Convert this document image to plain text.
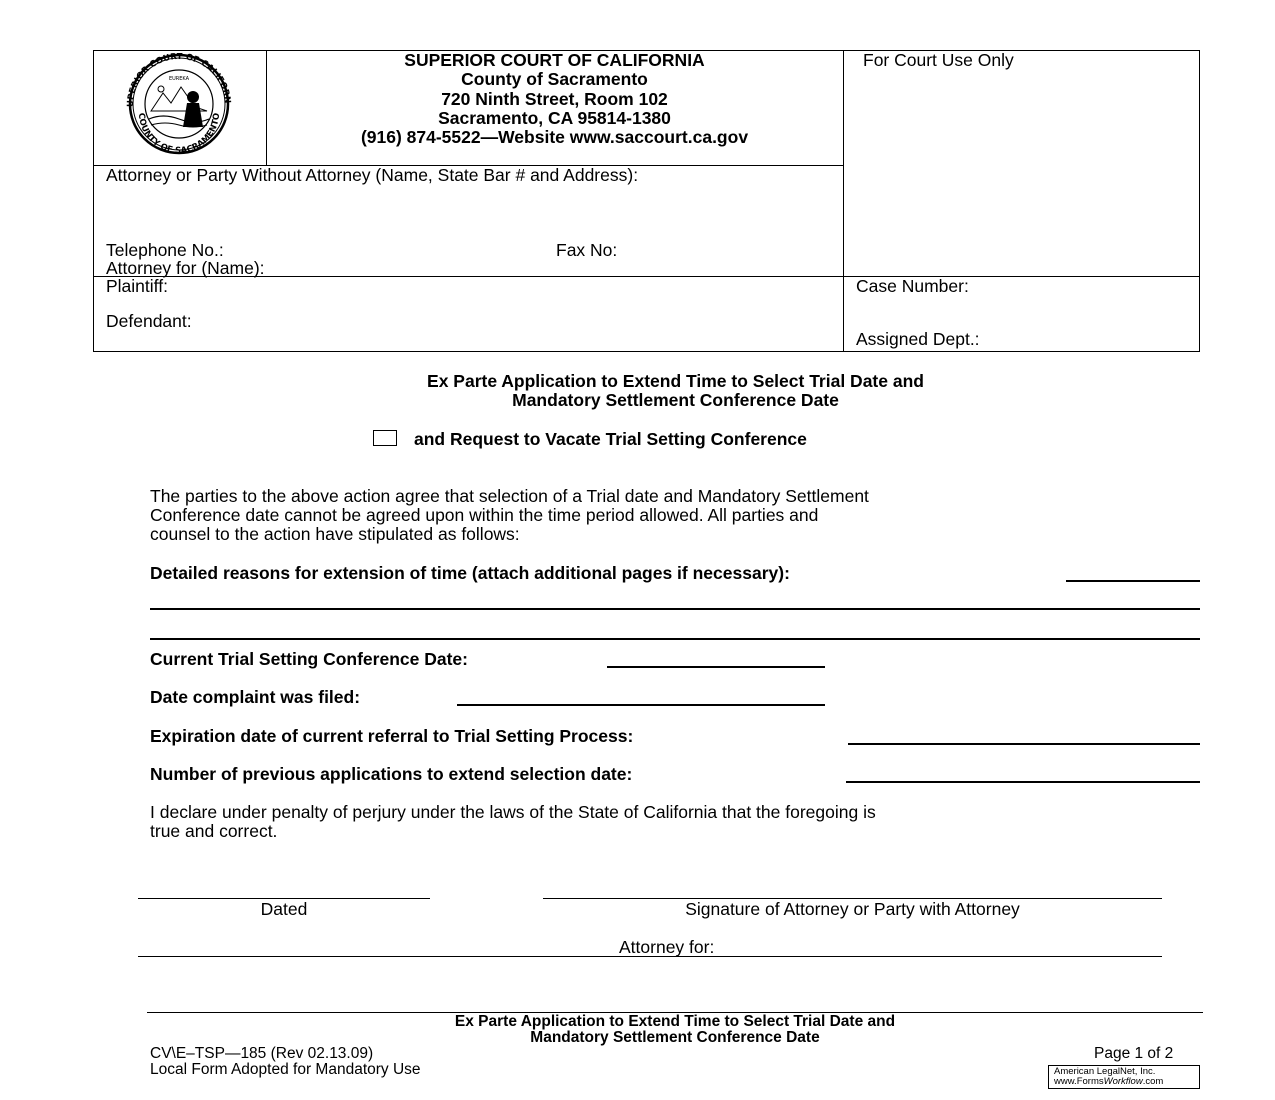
UPERIOR COURT OF CALIFORN
COUNTY OF SACRAMENTO
EUREKA
SUPERIOR COURT OF CALIFORNIA
County of Sacramento
720 Ninth Street, Room 102
Sacramento, CA 95814-1380
(916) 874-5522—Website www.saccourt.ca.gov
For Court Use Only
Attorney or Party Without Attorney (Name, State Bar # and Address):
Telephone No.:	Fax No:
Attorney for (Name):
Plaintiff:
Defendant:
Case Number:
Assigned Dept.:
Ex Parte Application to Extend Time to Select Trial Date and
Mandatory Settlement Conference Date
and Request to Vacate Trial Setting Conference
The parties to the above action agree that selection of a Trial date and Mandatory Settlement
Conference date cannot be agreed upon within the time period allowed. All parties and
counsel to the action have stipulated as follows:
Detailed reasons for extension of time (attach additional pages if necessary):
Current Trial Setting Conference Date:
Date complaint was filed:
Expiration date of current referral to Trial Setting Process:
Number of previous applications to extend selection date:
I declare under penalty of perjury under the laws of the State of California that the foregoing is
true and correct.
Dated	Signature of Attorney or Party with Attorney
Attorney for:
Ex Parte Application to Extend Time to Select Trial Date and
Mandatory Settlement Conference Date
CV\E–TSP—185 (Rev 02.13.09)
Local Form Adopted for Mandatory Use
Page 1 of 2
American LegalNet, Inc.
www.FormsWorkflow.com
